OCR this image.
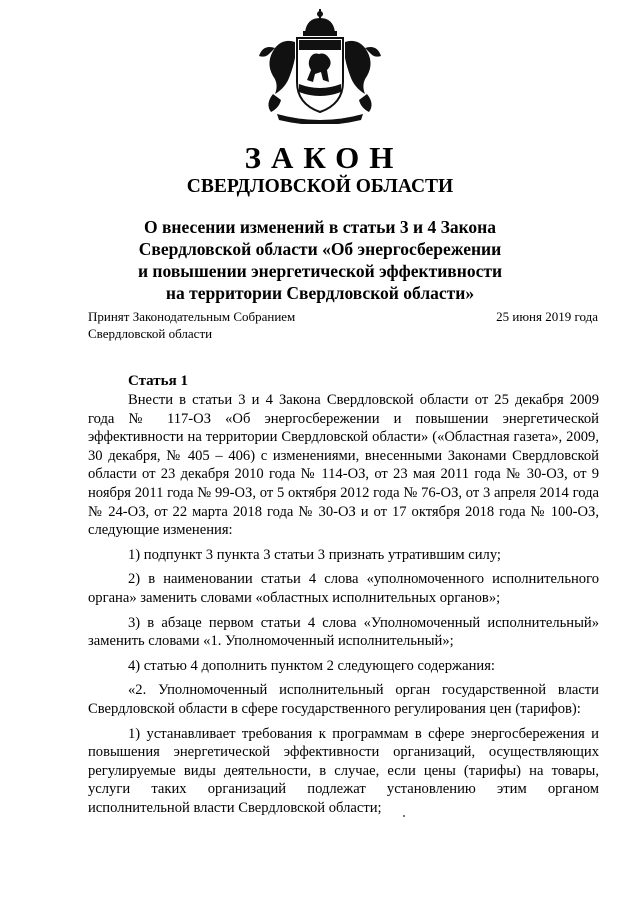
ЗАКОН
СВЕРДЛОВСКОЙ ОБЛАСТИ
О внесении изменений в статьи 3 и 4 Закона
Свердловской области «Об энергосбережении
и повышении энергетической эффективности
на территории Свердловской области»
Принят Законодательным Собранием
Свердловской области
25 июня 2019 года
Статья 1

Внести в статьи 3 и 4 Закона Свердловской области от 25 декабря 2009 года № 117-ОЗ «Об энергосбережении и повышении энергетической эффективности на территории Свердловской области» («Областная газета», 2009, 30 декабря, № 405 – 406) с изменениями, внесенными Законами Свердловской области от 23 декабря 2010 года № 114-ОЗ, от 23 мая 2011 года № 30-ОЗ, от 9 ноября 2011 года № 99-ОЗ, от 5 октября 2012 года № 76-ОЗ, от 3 апреля 2014 года № 24-ОЗ, от 22 марта 2018 года № 30-ОЗ и от 17 октября 2018 года № 100-ОЗ, следующие изменения:

1) подпункт 3 пункта 3 статьи 3 признать утратившим силу;

2) в наименовании статьи 4 слова «уполномоченного исполнительного органа» заменить словами «областных исполнительных органов»;

3) в абзаце первом статьи 4 слова «Уполномоченный исполнительный» заменить словами «1. Уполномоченный исполнительный»;

4) статью 4 дополнить пунктом 2 следующего содержания:

«2. Уполномоченный исполнительный орган государственной власти Свердловской области в сфере государственного регулирования цен (тарифов):

1) устанавливает требования к программам в сфере энергосбережения и повышения энергетической эффективности организаций, осуществляющих регулируемые виды деятельности, в случае, если цены (тарифы) на товары, услуги таких организаций подлежат установлению этим органом исполнительной власти Свердловской области;
